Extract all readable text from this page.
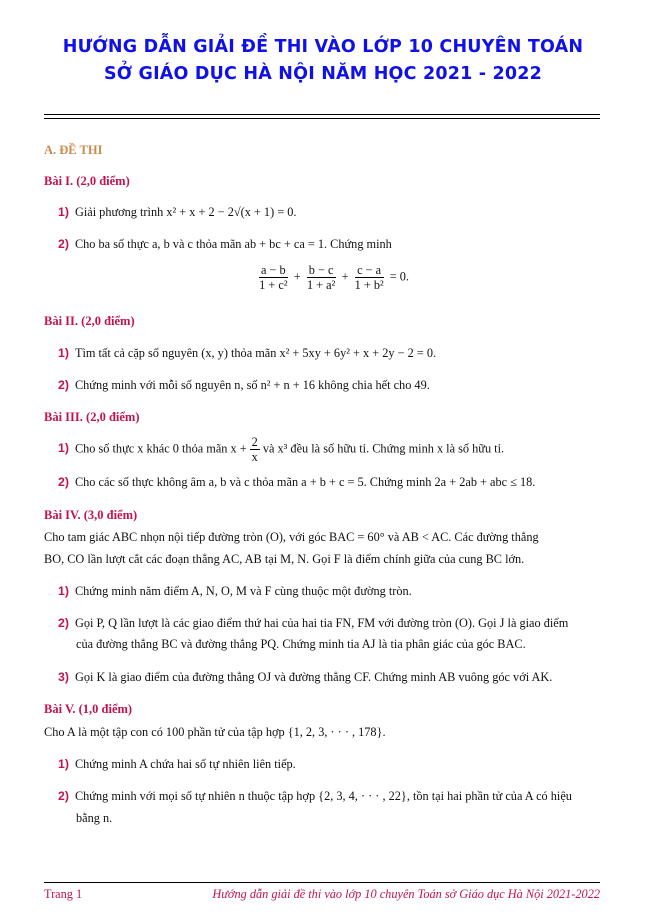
HƯỚNG DẪN GIẢI ĐỀ THI VÀO LỚP 10 CHUYÊN TOÁN
SỞ GIÁO DỤC HÀ NỘI NĂM HỌC 2021 - 2022
A. ĐỀ THI
Bài I. (2,0 điểm)
1) Giải phương trình x² + x + 2 − 2√(x + 1) = 0.
2) Cho ba số thực a, b và c thỏa mãn ab + bc + ca = 1. Chứng minh
$\frac{a - b}{\text{1 + c²}} + \frac{b - c}{\text{1 + a²}} + \frac{c - a}{\text{1 + b²}} = 0$.
Bài II. (2,0 điểm)
1) Tìm tất cả cặp số nguyên (x, y) thỏa mãn x² + 5xy + 6y² + x + 2y − 2 = 0.
2) Chứng minh với mỗi số nguyên n, số n² + n + 16 không chia hết cho 49.
Bài III. (2,0 điểm)
1) Cho số thực x khác 0 thỏa mãn $x + \frac{2}{x}$ và x³ đều là số hữu tỉ. Chứng minh x là số hữu tỉ.
2) Cho các số thực không âm a, b và c thỏa mãn a + b + c = 5. Chứng minh 2a + 2ab + abc ≤ 18.
Bài IV. (3,0 điểm)
Cho tam giác ABC nhọn nội tiếp đường tròn (O), với góc BAC = 60° và AB < AC. Các đường thẳng
BO, CO lần lượt cắt các đoạn thẳng AC, AB tại M, N. Gọi F là điểm chính giữa của cung BC lớn.
1) Chứng minh năm điểm A, N, O, M và F cùng thuộc một đường tròn.
2) Gọi P, Q lần lượt là các giao điểm thứ hai của hai tia FN, FM với đường tròn (O). Gọi J là giao điểm
của đường thẳng BC và đường thẳng PQ. Chứng minh tia AJ là tia phân giác của góc BAC.
3) Gọi K là giao điểm của đường thẳng OJ và đường thẳng CF. Chứng minh AB vuông góc với AK.
Bài V. (1,0 điểm)
Cho A là một tập con có 100 phần tử của tập hợp {1, 2, 3, · · · , 178}.
1) Chứng minh A chứa hai số tự nhiên liên tiếp.
2) Chứng minh với mọi số tự nhiên n thuộc tập hợp {2, 3, 4, · · · , 22}, tồn tại hai phần tử của A có hiệu
bằng n.
Trang 1	Hướng dẫn giải đề thi vào lớp 10 chuyên Toán sở Giáo dục Hà Nội 2021-2022
